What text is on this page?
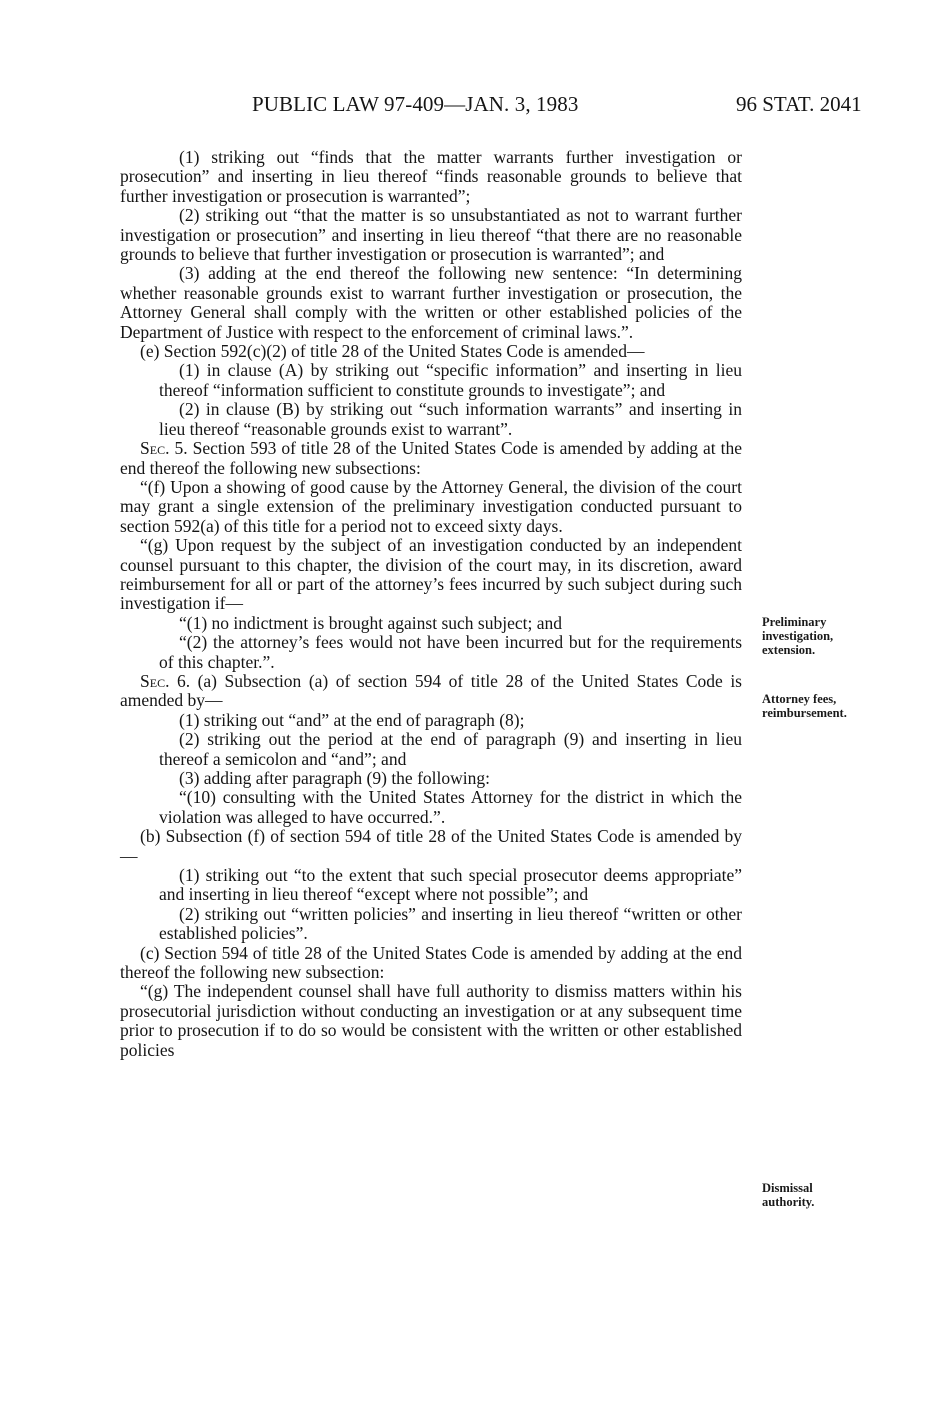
PUBLIC LAW 97-409—JAN. 3, 1983	96 STAT. 2041

(1) striking out “finds that the matter warrants further investigation or prosecution” and inserting in lieu thereof “finds reasonable grounds to believe that further investigation or prosecution is warranted”;

(2) striking out “that the matter is so unsubstantiated as not to warrant further investigation or prosecution” and inserting in lieu thereof “that there are no reasonable grounds to believe that further investigation or prosecution is warranted”; and

(3) adding at the end thereof the following new sentence: “In determining whether reasonable grounds exist to warrant further investigation or prosecution, the Attorney General shall comply with the written or other established policies of the Department of Justice with respect to the enforcement of criminal laws.”.

(e) Section 592(c)(2) of title 28 of the United States Code is amended—

(1) in clause (A) by striking out “specific information” and inserting in lieu thereof “information sufficient to constitute grounds to investigate”; and

(2) in clause (B) by striking out “such information warrants” and inserting in lieu thereof “reasonable grounds exist to warrant”.

Sec. 5. Section 593 of title 28 of the United States Code is amended by adding at the end thereof the following new subsections:

“(f) Upon a showing of good cause by the Attorney General, the division of the court may grant a single extension of the preliminary investigation conducted pursuant to section 592(a) of this title for a period not to exceed sixty days.

“(g) Upon request by the subject of an investigation conducted by an independent counsel pursuant to this chapter, the division of the court may, in its discretion, award reimbursement for all or part of the attorney’s fees incurred by such subject during such investigation if—

“(1) no indictment is brought against such subject; and

“(2) the attorney’s fees would not have been incurred but for the requirements of this chapter.”.

Sec. 6. (a) Subsection (a) of section 594 of title 28 of the United States Code is amended by—

(1) striking out “and” at the end of paragraph (8);

(2) striking out the period at the end of paragraph (9) and inserting in lieu thereof a semicolon and “and”; and

(3) adding after paragraph (9) the following:

“(10) consulting with the United States Attorney for the district in which the violation was alleged to have occurred.”.

(b) Subsection (f) of section 594 of title 28 of the United States Code is amended by—

(1) striking out “to the extent that such special prosecutor deems appropriate” and inserting in lieu thereof “except where not possible”; and

(2) striking out “written policies” and inserting in lieu thereof “written or other established policies”.

(c) Section 594 of title 28 of the United States Code is amended by adding at the end thereof the following new subsection:

“(g) The independent counsel shall have full authority to dismiss matters within his prosecutorial jurisdiction without conducting an investigation or at any subsequent time prior to prosecution if to do so would be consistent with the written or other established policies

Preliminary
investigation,
extension.
Attorney fees,
reimbursement.
Dismissal
authority.
